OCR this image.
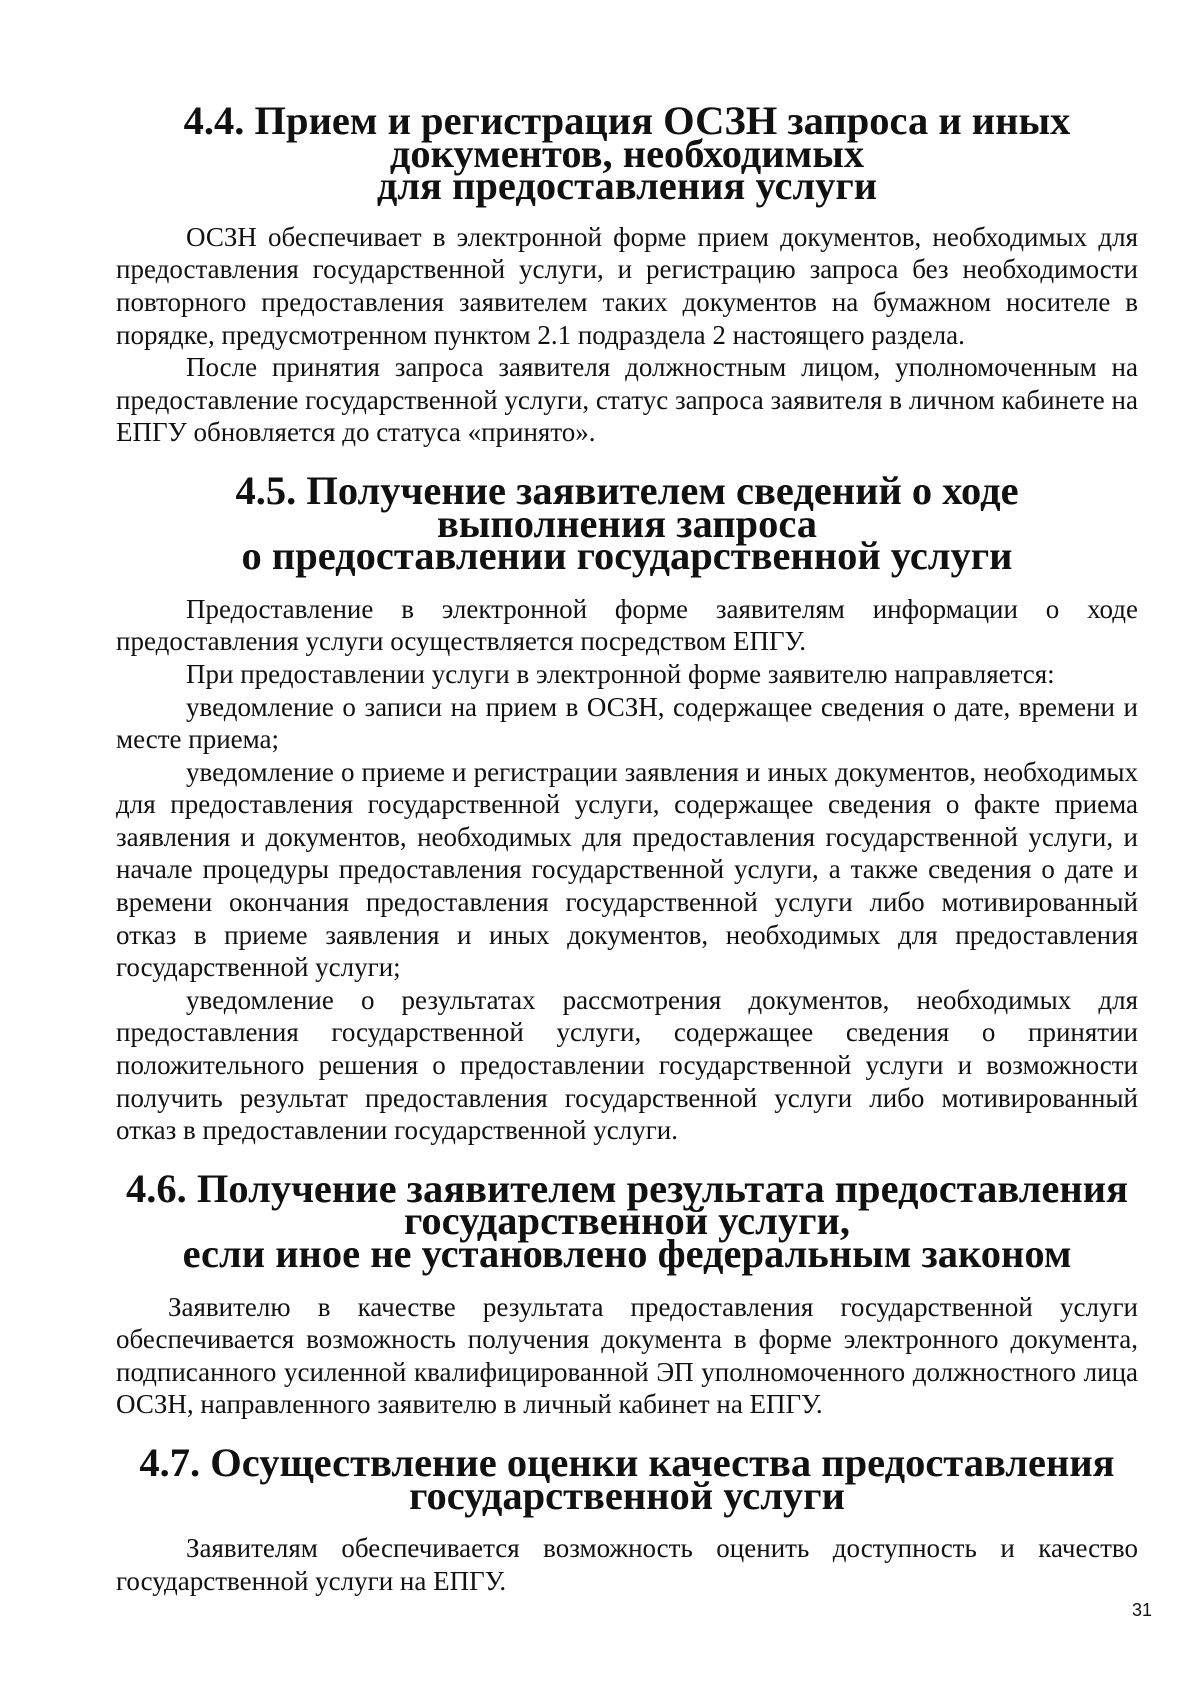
4.4. Прием и регистрация ОСЗН запроса и иных документов, необходимых
для предоставления услуги

ОСЗН обеспечивает в электронной форме прием документов, необходимых для предоставления государственной услуги, и регистрацию запроса без необходимости повторного предоставления заявителем таких документов на бумажном носителе в порядке, предусмотренном пунктом 2.1 подраздела 2 настоящего раздела.

После принятия запроса заявителя должностным лицом, уполномоченным на предоставление государственной услуги, статус запроса заявителя в личном кабинете на ЕПГУ обновляется до статуса «принято».

4.5. Получение заявителем сведений о ходе выполнения запроса
о предоставлении государственной услуги

Предоставление в электронной форме заявителям информации о ходе предоставления услуги осуществляется посредством ЕПГУ.

При предоставлении услуги в электронной форме заявителю направляется:

уведомление о записи на прием в ОСЗН, содержащее сведения о дате, времени и месте приема;

уведомление о приеме и регистрации заявления и иных документов, необходимых для предоставления государственной услуги, содержащее сведения о факте приема заявления и документов, необходимых для предоставления государственной услуги, и начале процедуры предоставления государственной услуги, а также сведения о дате и времени окончания предоставления государственной услуги либо мотивированный отказ в приеме заявления и иных документов, необходимых для предоставления государственной услуги;

уведомление о результатах рассмотрения документов, необходимых для предоставления государственной услуги, содержащее сведения о принятии положительного решения о предоставлении государственной услуги и возможности получить результат предоставления государственной услуги либо мотивированный отказ в предоставлении государственной услуги.

4.6. Получение заявителем результата предоставления государственной услуги,
если иное не установлено федеральным законом

Заявителю в качестве результата предоставления государственной услуги обеспечивается возможность получения документа в форме электронного документа, подписанного усиленной квалифицированной ЭП уполномоченного должностного лица ОСЗН, направленного заявителю в личный кабинет на ЕПГУ.

4.7. Осуществление оценки качества предоставления государственной услуги

Заявителям обеспечивается возможность оценить доступность и качество государственной услуги на ЕПГУ.

31
